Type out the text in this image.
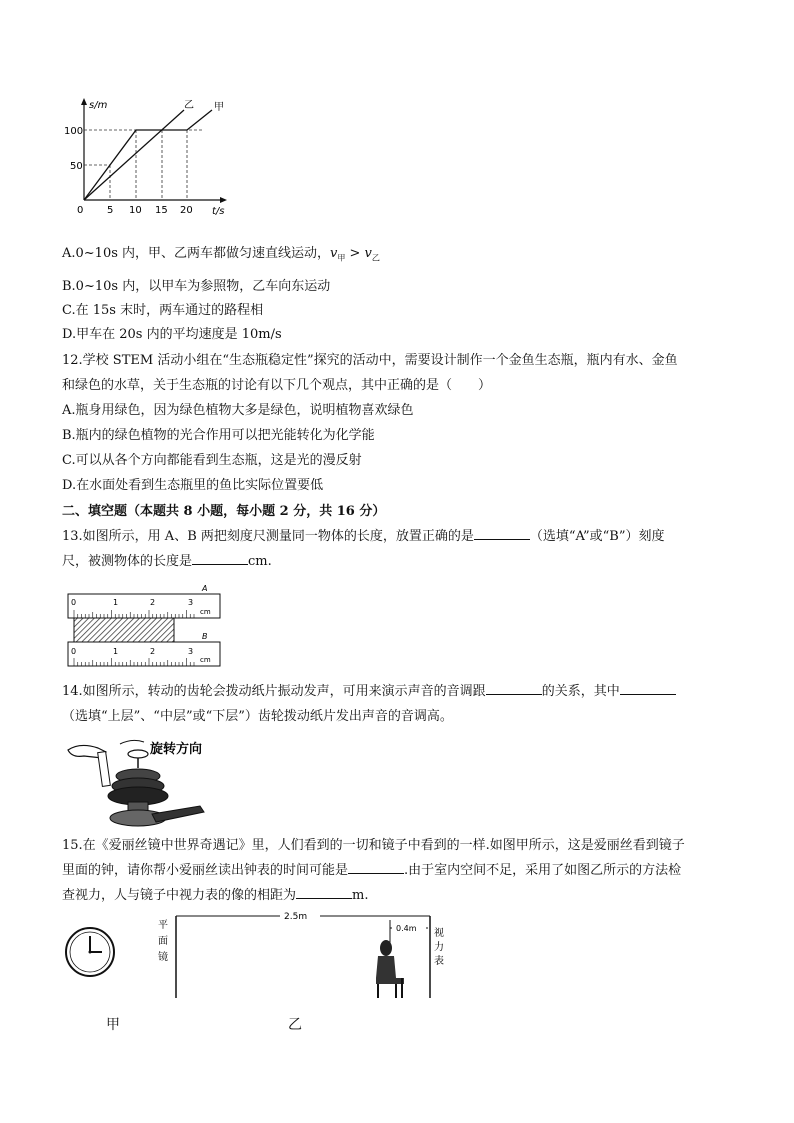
s/m
t/s
100
50
0 5 10 15 20
乙 甲
A.0~10s 内，甲、乙两车都做匀速直线运动，$v_甲 > v_乙$
B.0~10s 内，以甲车为参照物，乙车向东运动
C.在 15s 末时，两车通过的路程相
D.甲车在 20s 内的平均速度是 10m/s
12.学校 STEM 活动小组在“生态瓶稳定性”探究的活动中，需要设计制作一个金鱼生态瓶，瓶内有水、金鱼
和绿色的水草，关于生态瓶的讨论有以下几个观点，其中正确的是（　　）
A.瓶身用绿色，因为绿色植物大多是绿色，说明植物喜欢绿色
B.瓶内的绿色植物的光合作用可以把光能转化为化学能
C.可以从各个方向都能看到生态瓶，这是光的漫反射
D.在水面处看到生态瓶里的鱼比实际位置要低
二、填空题（本题共 8 小题，每小题 2 分，共 16 分）
13.如图所示，用 A、B 两把刻度尺测量同一物体的长度，放置正确的是	（选填“A”或“B”）刻度
尺，被测物体的长度是	cm.
A
cm
B
cm
0	1	2	3
0	1	2	3
14.如图所示，转动的齿轮会拨动纸片振动发声，可用来演示声音的音调跟	的关系，其中
（选填“上层”、“中层”或“下层”）齿轮拨动纸片发出声音的音调高。
旋转方向
15.在《爱丽丝镜中世界奇遇记》里，人们看到的一切和镜子中看到的一样.如图甲所示，这是爱丽丝看到镜子
里面的钟，请你帮小爱丽丝读出钟表的时间可能是	.由于室内空间不足，采用了如图乙所示的方法检
查视力，人与镜子中视力表的像的相距为	m.
平
面
镜
视
力
表
2.5m
0.4m
甲	乙
